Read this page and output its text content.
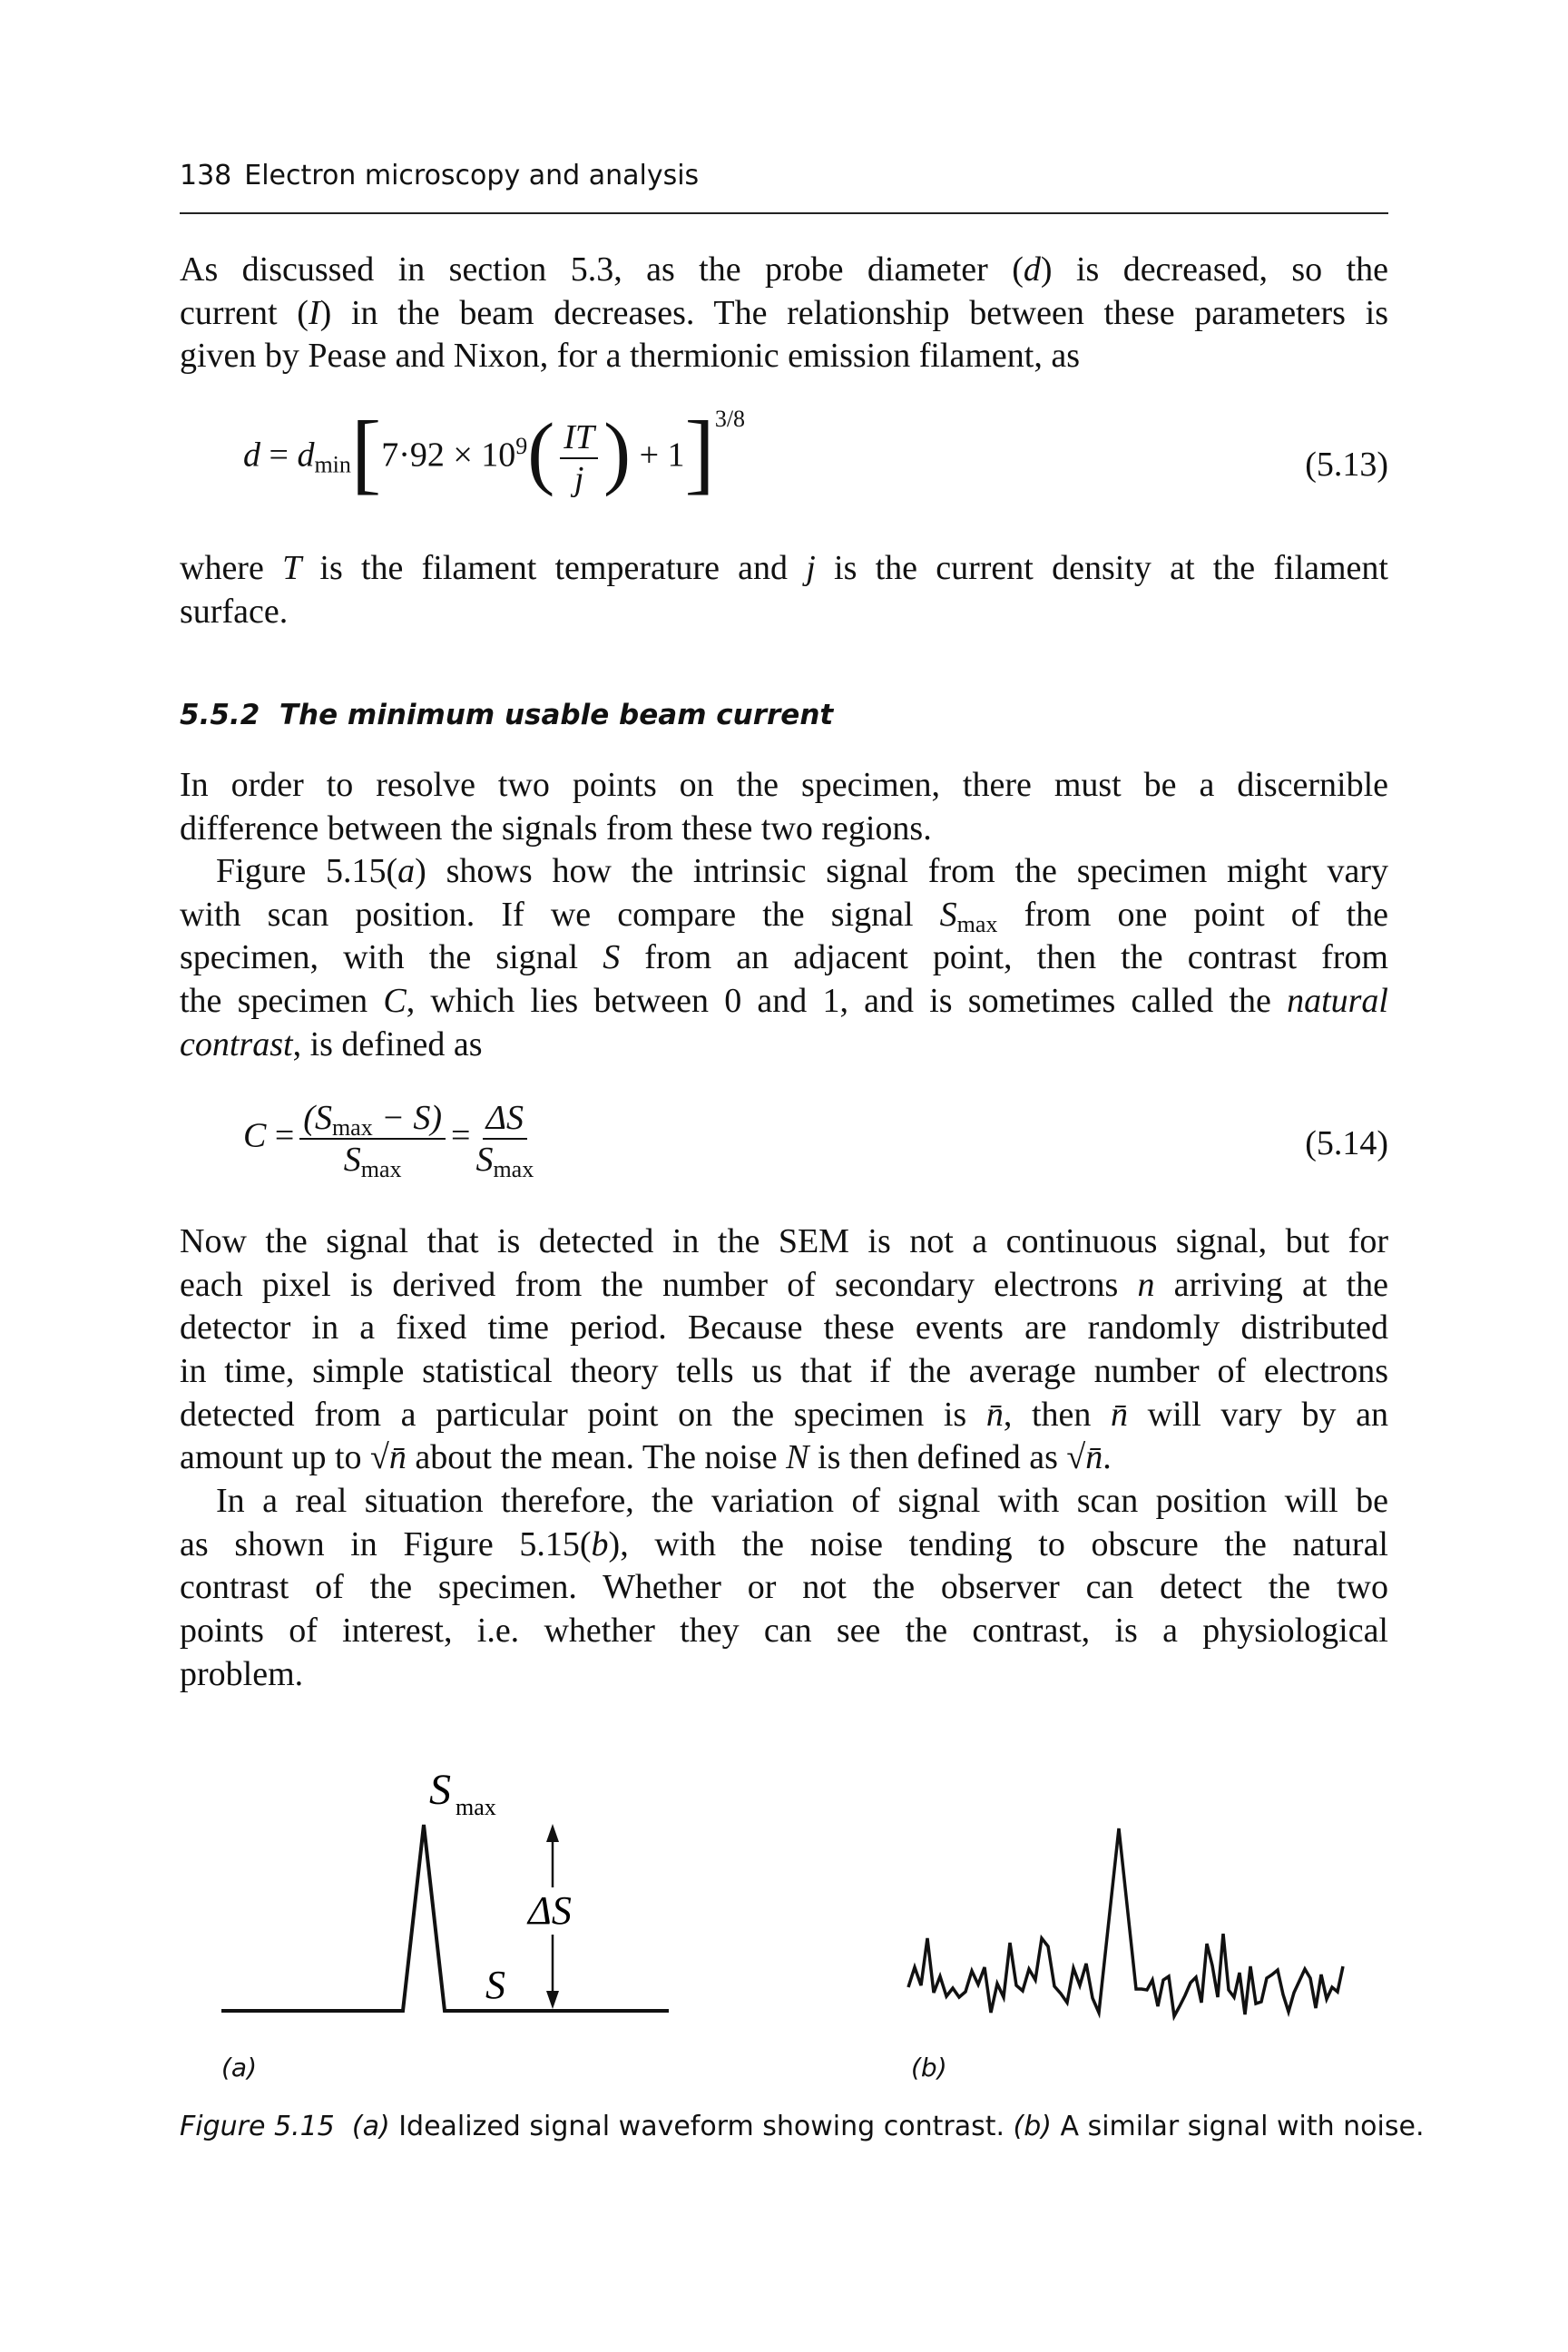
138 Electron microscopy and analysis
As discussed in section 5.3, as the probe diameter (d) is decreased, so the
current (I) in the beam decreases. The relationship between these parameters is
given by Pease and Nixon, for a thermionic emission filament, as
$d = d_{min}[7\cdot 92 \times 10^9( \frac{IT}{j}$ ) + 1]$^{3/8}$
(5.13)
where T is the filament temperature and j is the current density at the filament
surface.
5.5.2 The minimum usable beam current
In order to resolve two points on the specimen, there must be a discernible
difference between the signals from these two regions.
Figure 5.15(a) shows how the intrinsic signal from the specimen might vary
with scan position. If we compare the signal $S_{max}$ from one point of the
specimen, with the signal S from an adjacent point, then the contrast from
the specimen C, which lies between 0 and 1, and is sometimes called the natural
contrast, is defined as
$C = \frac{(S_{max} - S)}{S_{max}} = \frac{\Delta S}{S_{max}}$	(5.14)
Now the signal that is detected in the SEM is not a continuous signal, but for
each pixel is derived from the number of secondary electrons n arriving at the
detector in a fixed time period. Because these events are randomly distributed
in time, simple statistical theory tells us that if the average number of electrons
detected from a particular point on the specimen is n̄, then n̄ will vary by an
amount up to √n̄ about the mean. The noise N is then defined as √n̄.
In a real situation therefore, the variation of signal with scan position will be
as shown in Figure 5.15(b), with the noise tending to obscure the natural
contrast of the specimen. Whether or not the observer can detect the two
points of interest, i.e. whether they can see the contrast, is a physiological
problem.
S max
ΔS
S
(a)	(b)
Figure 5.15 (a) Idealized signal waveform showing contrast. (b) A similar signal with noise.
